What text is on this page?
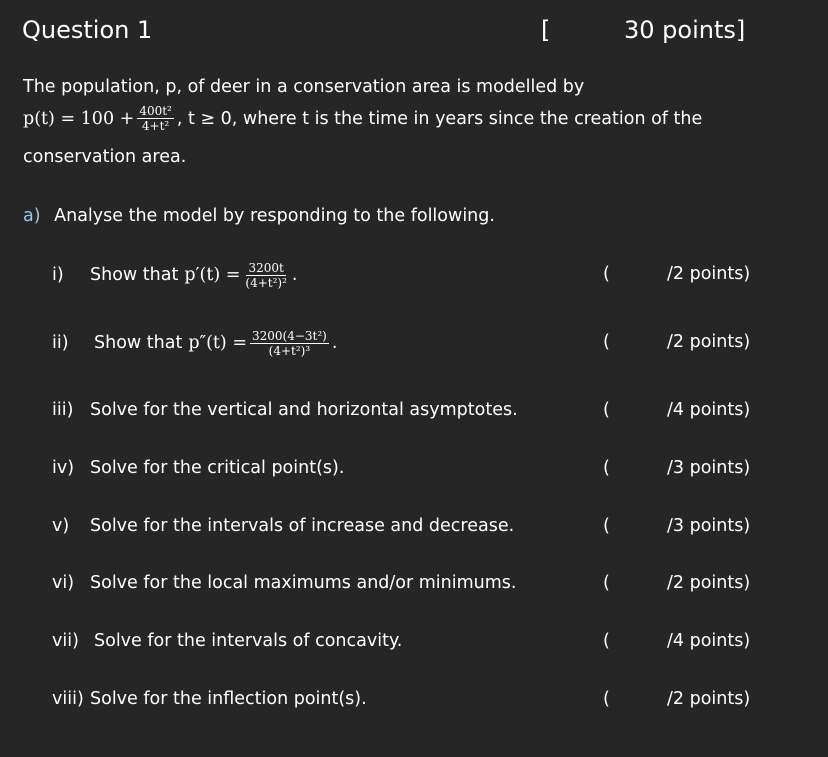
Question 1	[	30 points]
The population, p, of deer in a conservation area is modelled by
$p(t) = 100 + \frac{\text{400t²}}{\text{4+t²}}$ , t ≥ 0, where t is the time in years since the creation of the
conservation area.
a) Analyse the model by responding to the following.
i)	Show that $p'(t) = \frac{3200t}{\text{(4+t²)²}}$ .	(	/2 points)
ii)	Show that $p''(t) = \frac{\text{3200(4−3t²)}}{\text{(4+t²)³}}$ .	(	/2 points)
iii) Solve for the vertical and horizontal asymptotes.	(	/4 points)
iv) Solve for the critical point(s).	(	/3 points)
v) Solve for the intervals of increase and decrease.	(	/3 points)
vi) Solve for the local maximums and/or minimums.	(	/2 points)
vii) Solve for the intervals of concavity.	(	/4 points)
viii) Solve for the inflection point(s).	(	/2 points)
